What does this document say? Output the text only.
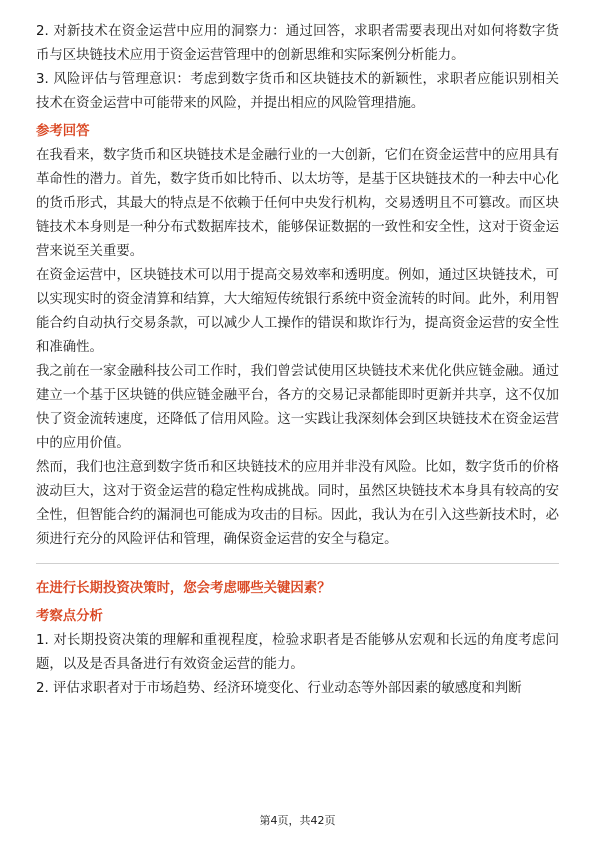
2. 对新技术在资金运营中应用的洞察力：通过回答，求职者需要表现出对如何将数字货币与区块链技术应用于资金运营管理中的创新思维和实际案例分析能力。

3. 风险评估与管理意识：考虑到数字货币和区块链技术的新颖性，求职者应能识别相关技术在资金运营中可能带来的风险，并提出相应的风险管理措施。

参考回答

在我看来，数字货币和区块链技术是金融行业的一大创新，它们在资金运营中的应用具有革命性的潜力。首先，数字货币如比特币、以太坊等，是基于区块链技术的一种去中心化的货币形式，其最大的特点是不依赖于任何中央发行机构，交易透明且不可篡改。而区块链技术本身则是一种分布式数据库技术，能够保证数据的一致性和安全性，这对于资金运营来说至关重要。

在资金运营中，区块链技术可以用于提高交易效率和透明度。例如，通过区块链技术，可以实现实时的资金清算和结算，大大缩短传统银行系统中资金流转的时间。此外，利用智能合约自动执行交易条款，可以减少人工操作的错误和欺诈行为，提高资金运营的安全性和准确性。

我之前在一家金融科技公司工作时，我们曾尝试使用区块链技术来优化供应链金融。通过建立一个基于区块链的供应链金融平台，各方的交易记录都能即时更新并共享，这不仅加快了资金流转速度，还降低了信用风险。这一实践让我深刻体会到区块链技术在资金运营中的应用价值。

然而，我们也注意到数字货币和区块链技术的应用并非没有风险。比如，数字货币的价格波动巨大，这对于资金运营的稳定性构成挑战。同时，虽然区块链技术本身具有较高的安全性，但智能合约的漏洞也可能成为攻击的目标。因此，我认为在引入这些新技术时，必须进行充分的风险评估和管理，确保资金运营的安全与稳定。

在进行长期投资决策时，您会考虑哪些关键因素？
考察点分析

1. 对长期投资决策的理解和重视程度，检验求职者是否能够从宏观和长远的角度考虑问题，以及是否具备进行有效资金运营的能力。

2. 评估求职者对于市场趋势、经济环境变化、行业动态等外部因素的敏感度和判断

第4页，共42页
